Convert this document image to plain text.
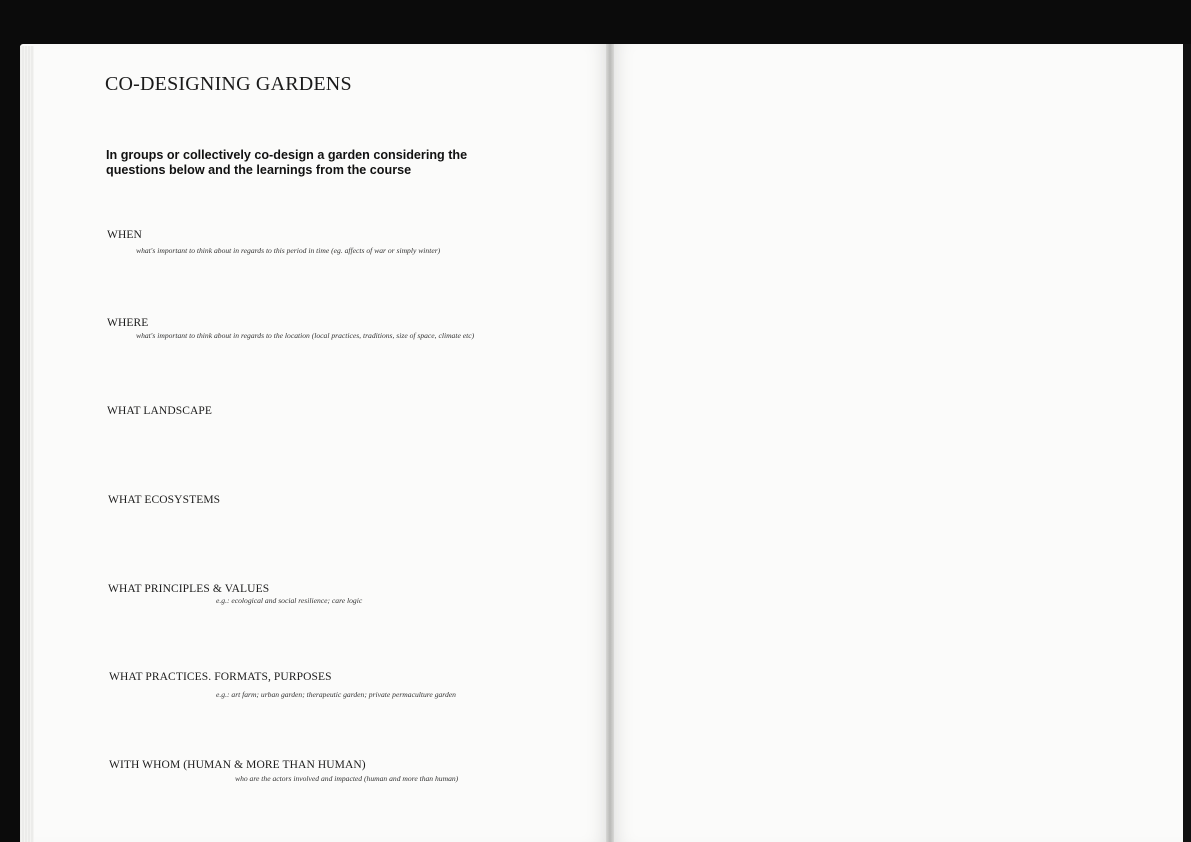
CO-DESIGNING GARDENS

In groups or collectively co-design a garden considering the questions below and the learnings from the course

WHEN
what's important to think about in regards to this period in time (eg. affects of war or simply winter)
WHERE
what's important to think about in regards to the location (local practices, traditions, size of space, climate etc)
WHAT LANDSCAPE
WHAT ECOSYSTEMS
WHAT PRINCIPLES & VALUES
e.g.: ecological and social resilience; care logic
WHAT PRACTICES. FORMATS, PURPOSES
e.g.: art farm; urban garden; therapeutic garden; private permaculture garden
WITH WHOM (HUMAN & MORE THAN HUMAN)
who are the actors involved and impacted (human and more than human)
